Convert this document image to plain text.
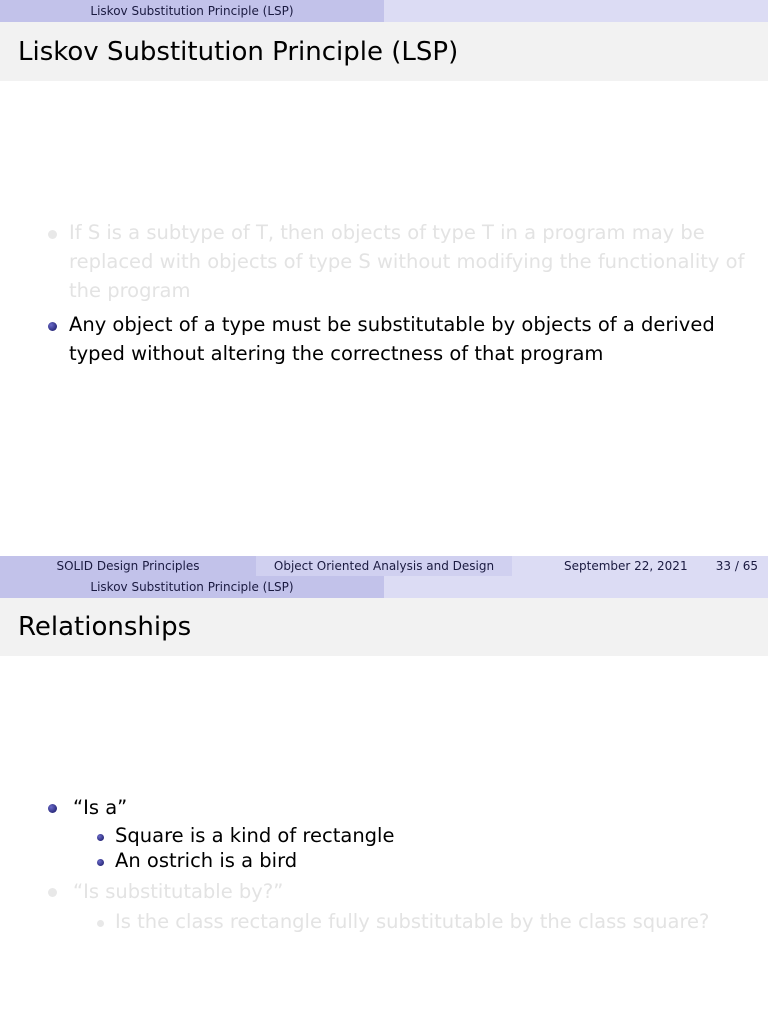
Liskov Substitution Principle (LSP)
Liskov Substitution Principle (LSP)
If S is a subtype of T, then objects of type T in a program may be
replaced with objects of type S without modifying the functionality of
the program
Any object of a type must be substitutable by objects of a derived
typed without altering the correctness of that program
SOLID Design Principles	Object Oriented Analysis and Design	September 22, 2021 33 / 65
Liskov Substitution Principle (LSP)
Relationships
“Is a”
Square is a kind of rectangle
An ostrich is a bird
“Is substitutable by?”
Is the class rectangle fully substitutable by the class square?
